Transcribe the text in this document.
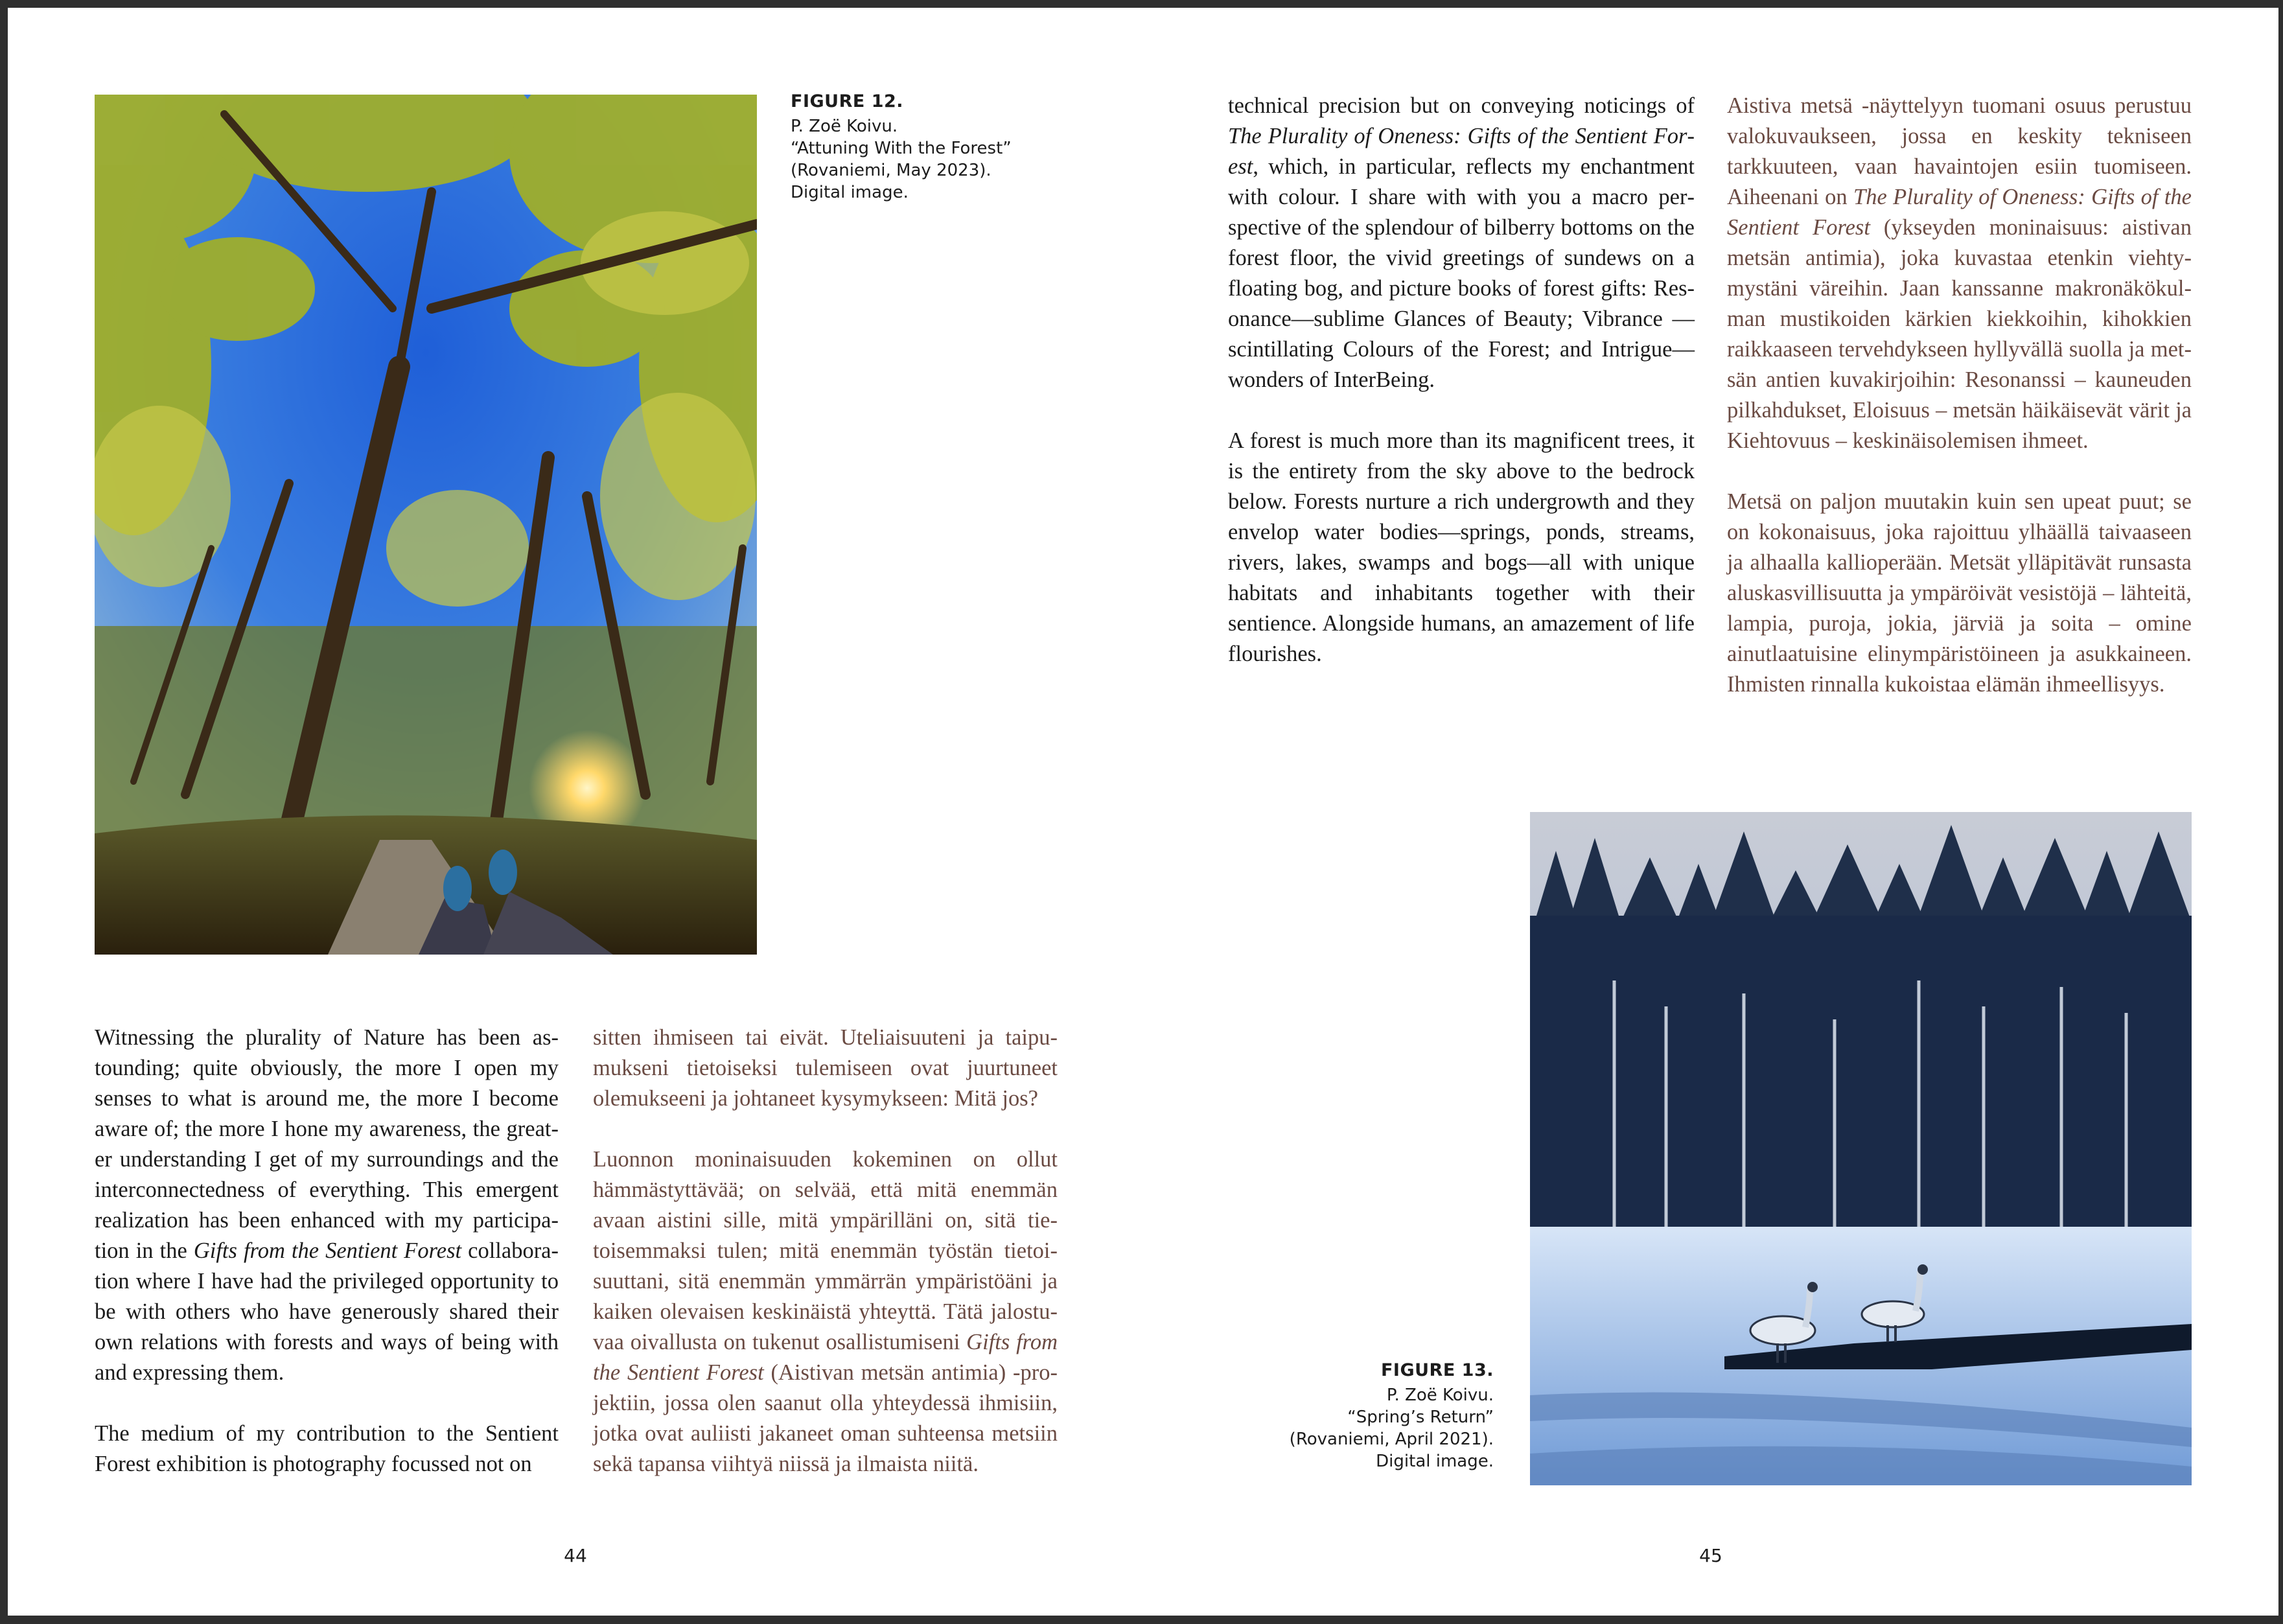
FIGURE 12.
P. Zoë Koivu.
“Attuning With the Forest”
(Rovaniemi, May 2023).
Digital image.

Witnessing the plurality of Nature has been astounding; quite obviously, the more I open my senses to what is around me, the more I become aware of; the more I hone my awareness, the greater understanding I get of my surroundings and the interconnectedness of everything. This emergent realization has been enhanced with my participation in the Gifts from the Sentient Forest collaboration where I have had the privileged opportunity to be with others who have generously shared their own relations with forests and ways of being with and expressing them.

The medium of my contribution to the Sentient Forest exhibition is photography focussed not on

sitten ihmiseen tai eivät. Uteliaisuuteni ja taipumukseni tietoiseksi tulemiseen ovat juurtuneet olemukseeni ja johtaneet kysymykseen: Mitä jos?

Luonnon moninaisuuden kokeminen on ollut hämmästyttävää; on selvää, että mitä enemmän avaan aistini sille, mitä ympärilläni on, sitä tietoisemmaksi tulen; mitä enemmän työstän tietoisuuttani, sitä enemmän ymmärrän ympäristöäni ja kaiken olevaisen keskinäistä yhteyttä. Tätä jalostuvaa oivallusta on tukenut osallistumiseni Gifts from the Sentient Forest (Aistivan metsän antimia) -projektiin, jossa olen saanut olla yhteydessä ihmisiin, jotka ovat auliisti jakaneet oman suhteensa metsiin sekä tapansa viihtyä niissä ja ilmaista niitä.

technical precision but on conveying noticings of The Plurality of Oneness: Gifts of the Sentient Forest, which, in particular, reflects my enchantment with colour. I share with with you a macro perspective of the splendour of bilberry bottoms on the forest floor, the vivid greetings of sundews on a floating bog, and picture books of forest gifts: Resonance—sublime Glances of Beauty; Vibrance — scintillating Colours of the Forest; and Intrigue—wonders of InterBeing.

A forest is much more than its magnificent trees, it is the entirety from the sky above to the bedrock below. Forests nurture a rich undergrowth and they envelop water bodies—springs, ponds, streams, rivers, lakes, swamps and bogs—all with unique habitats and inhabitants together with their sentience. Alongside humans, an amazement of life flourishes.

Aistiva metsä -näyttelyyn tuomani osuus perustuu valokuvaukseen, jossa en keskity tekniseen tarkkuuteen, vaan havaintojen esiin tuomiseen. Aiheenani on The Plurality of Oneness: Gifts of the Sentient Forest (ykseyden moninaisuus: aistivan metsän antimia), joka kuvastaa etenkin viehtymystäni väreihin. Jaan kanssanne makronäkökulman mustikoiden kärkien kiekkoihin, kihokkien raikkaaseen tervehdykseen hyllyvällä suolla ja metsän antien kuvakirjoihin: Resonanssi – kauneuden pilkahdukset, Eloisuus – metsän häikäisevät värit ja Kiehtovuus – keskinäisolemisen ihmeet.

Metsä on paljon muutakin kuin sen upeat puut; se on kokonaisuus, joka rajoittuu ylhäällä taivaaseen ja alhaalla kallioperään. Metsät ylläpitävät runsasta aluskasvillisuutta ja ympäröivät vesistöjä – lähteitä, lampia, puroja, jokia, järviä ja soita – omine ainutlaatuisine elinympäristöineen ja asukkaineen. Ihmisten rinnalla kukoistaa elämän ihmeellisyys.

FIGURE 13.
P. Zoë Koivu.
“Spring’s Return”
(Rovaniemi, April 2021).
Digital image.
44	45
